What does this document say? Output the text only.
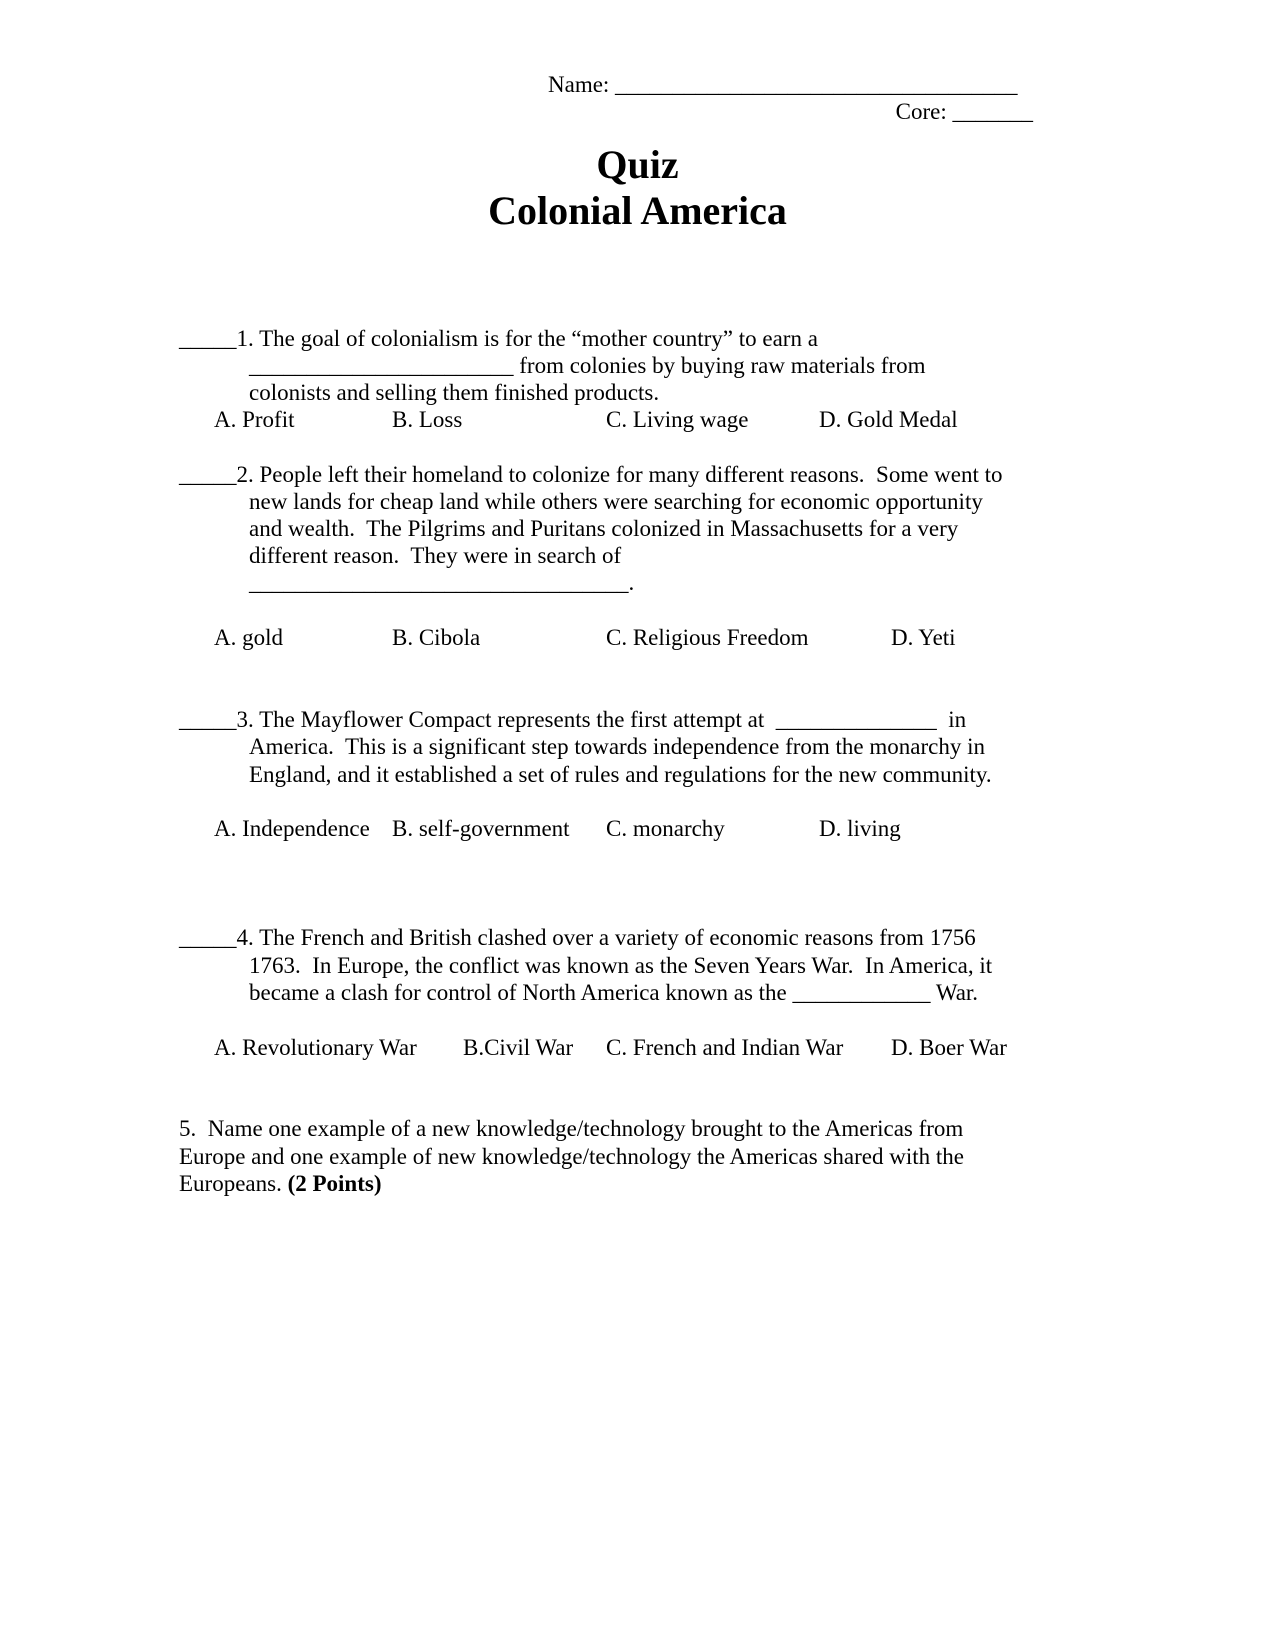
Name: ___________________________________
Core: _______
Quiz
Colonial America
_____1. The goal of colonialism is for the “mother country” to earn a
_______________________ from colonies by buying raw materials from
colonists and selling them finished products.
A. Profit	B. Loss	C. Living wage	D. Gold Medal
_____2. People left their homeland to colonize for many different reasons.  Some went to
new lands for cheap land while others were searching for economic opportunity
and wealth.  The Pilgrims and Puritans colonized in Massachusetts for a very
different reason.  They were in search of
_________________________________.
A. gold	B. Cibola	C. Religious Freedom	D. Yeti
_____3. The Mayflower Compact represents the first attempt at  ______________  in
America.  This is a significant step towards independence from the monarchy in
England, and it established a set of rules and regulations for the new community.
A. Independence B. self-government C. monarchy	D. living
_____4. The French and British clashed over a variety of economic reasons from 1756
1763.  In Europe, the conflict was known as the Seven Years War.  In America, it
became a clash for control of North America known as the ____________ War.
A. Revolutionary War B.Civil War C. French and Indian War D. Boer War
5.  Name one example of a new knowledge/technology brought to the Americas from
Europe and one example of new knowledge/technology the Americas shared with the
Europeans. (2 Points)
